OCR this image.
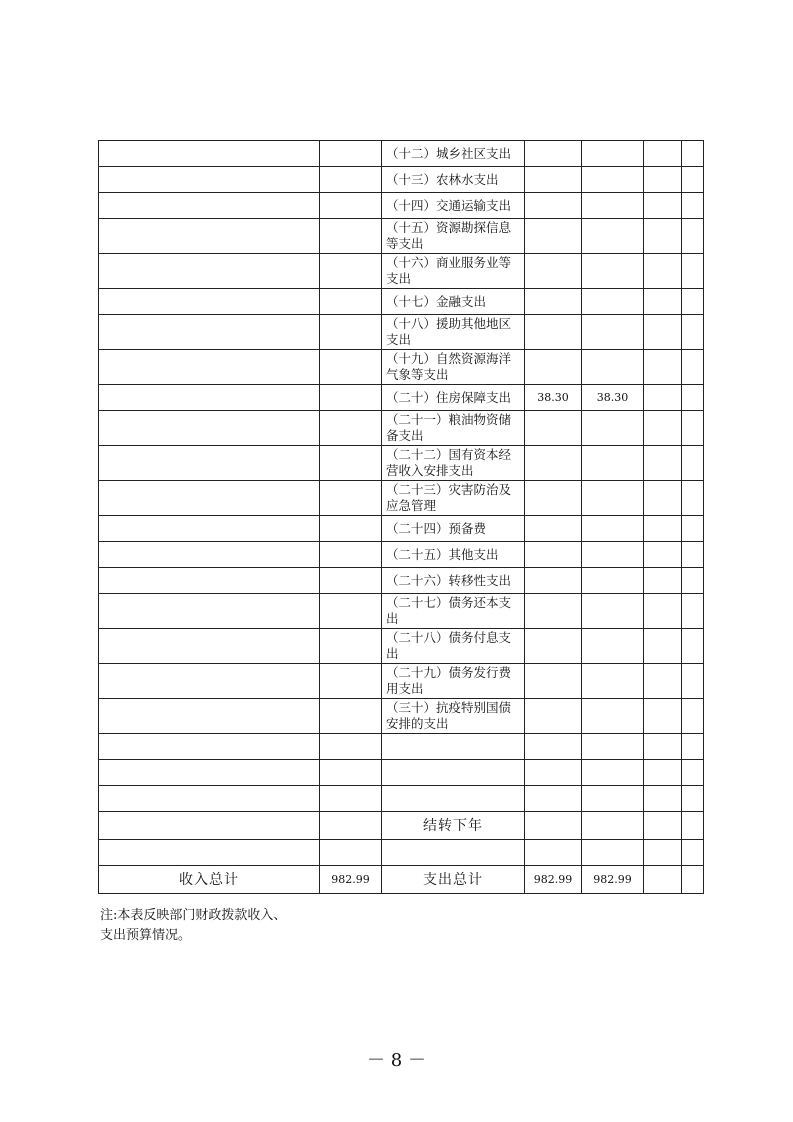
		（十二）城乡社区支出				
		（十三）农林水支出				
		（十四）交通运输支出				
		（十五）资源勘探信息等支出				
		（十六）商业服务业等支出				
		（十七）金融支出				
		（十八）援助其他地区支出				
		（十九）自然资源海洋气象等支出				
		（二十）住房保障支出	38.30	38.30		
		（二十一）粮油物资储备支出				
		（二十二）国有资本经营收入安排支出				
		（二十三）灾害防治及应急管理				
		（二十四）预备费				
		（二十五）其他支出				
		（二十六）转移性支出				
		（二十七）债务还本支出				
		（二十八）债务付息支出				
		（二十九）债务发行费用支出				
		（三十）抗疫特别国债安排的支出				

		结转下年				

收入总计	982.99	支出总计	982.99	982.99		
注:本表反映部门财政拨款收入、
支出预算情况。
－ 8 －
